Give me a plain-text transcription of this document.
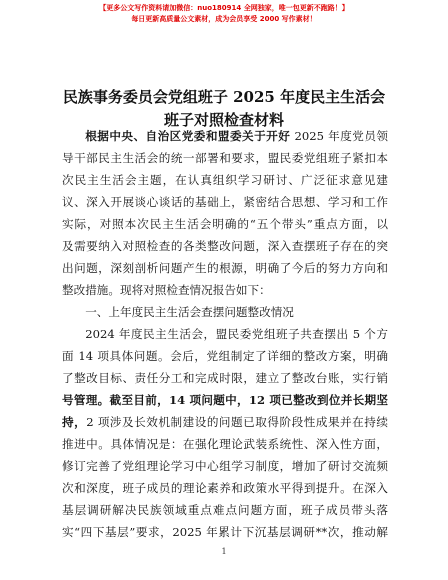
【更多公文写作资料请加微信：nuo180914 全网独家，唯一包更新不跑路！】
每日更新高质量公文素材，成为会员享受 2000 写作素材！
民族事务委员会党组班子 2025 年度民主生活会
班子对照检查材料
根据中央、自治区党委和盟委关于开好 2025 年度党员领
导干部民主生活会的统一部署和要求，盟民委党组班子紧扣本
次民主生活会主题，在认真组织学习研讨、广泛征求意见建
议、深入开展谈心谈话的基础上，紧密结合思想、学习和工作
实际，对照本次民主生活会明确的“五个带头”重点方面，以
及需要纳入对照检查的各类整改问题，深入查摆班子存在的突
出问题，深刻剖析问题产生的根源，明确了今后的努力方向和
整改措施。现将对照检查情况报告如下：
一、上年度民主生活会查摆问题整改情况
2024 年度民主生活会，盟民委党组班子共查摆出 5 个方
面 14 项具体问题。会后，党组制定了详细的整改方案，明确
了整改目标、责任分工和完成时限，建立了整改台账，实行销
号管理。截至目前，14 项问题中，12 项已整改到位并长期坚
持，2 项涉及长效机制建设的问题已取得阶段性成果并在持续
推进中。具体情况是：在强化理论武装系统性、深入性方面，
修订完善了党组理论学习中心组学习制度，增加了研讨交流频
次和深度，班子成员的理论素养和政策水平得到提升。在深入
基层调研解决民族领域重点难点问题方面，班子成员带头落
实“四下基层”要求，2025 年累计下沉基层调研**次，推动解
1
